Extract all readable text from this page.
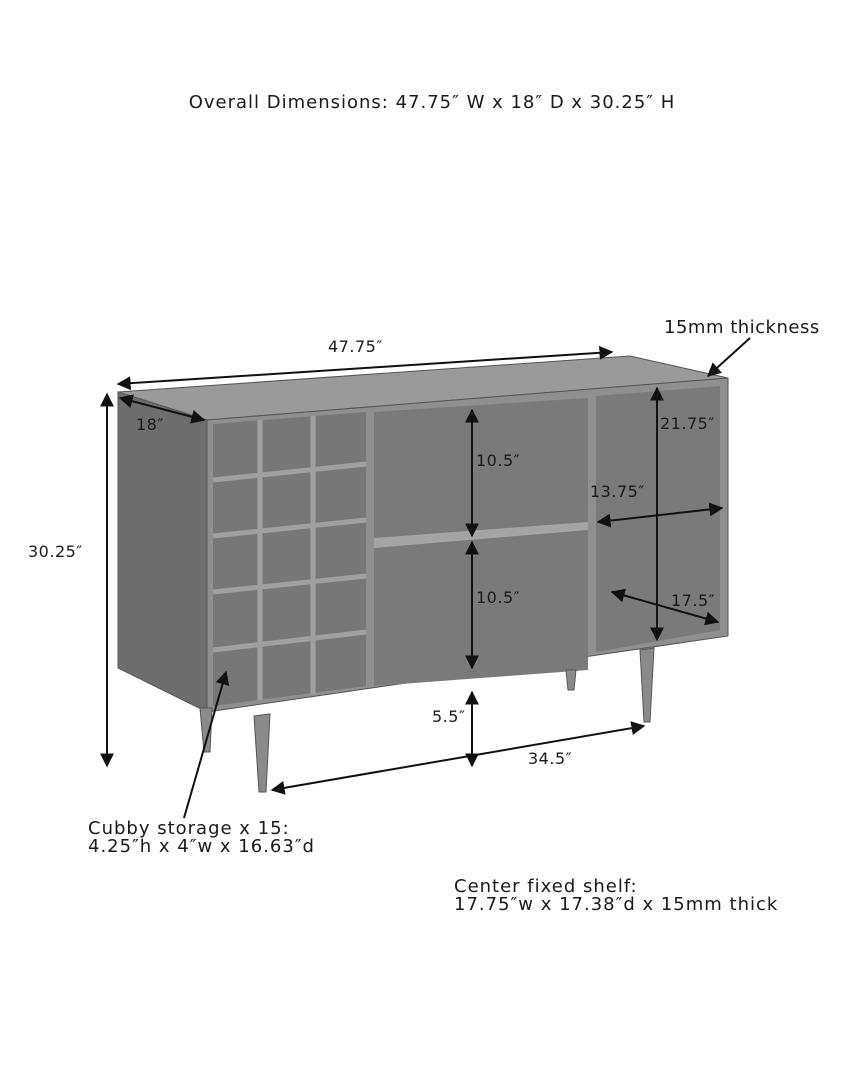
Overall Dimensions: 47.75″ W x 18″ D x 30.25″ H
47.75″
18″
30.25″
15mm thickness
10.5″
10.5″
21.75″
13.75″
17.5″
5.5″
34.5″
Cubby storage x 15:
4.25″h x 4″w x 16.63″d
Center fixed shelf:
17.75″w x 17.38″d x 15mm thick
